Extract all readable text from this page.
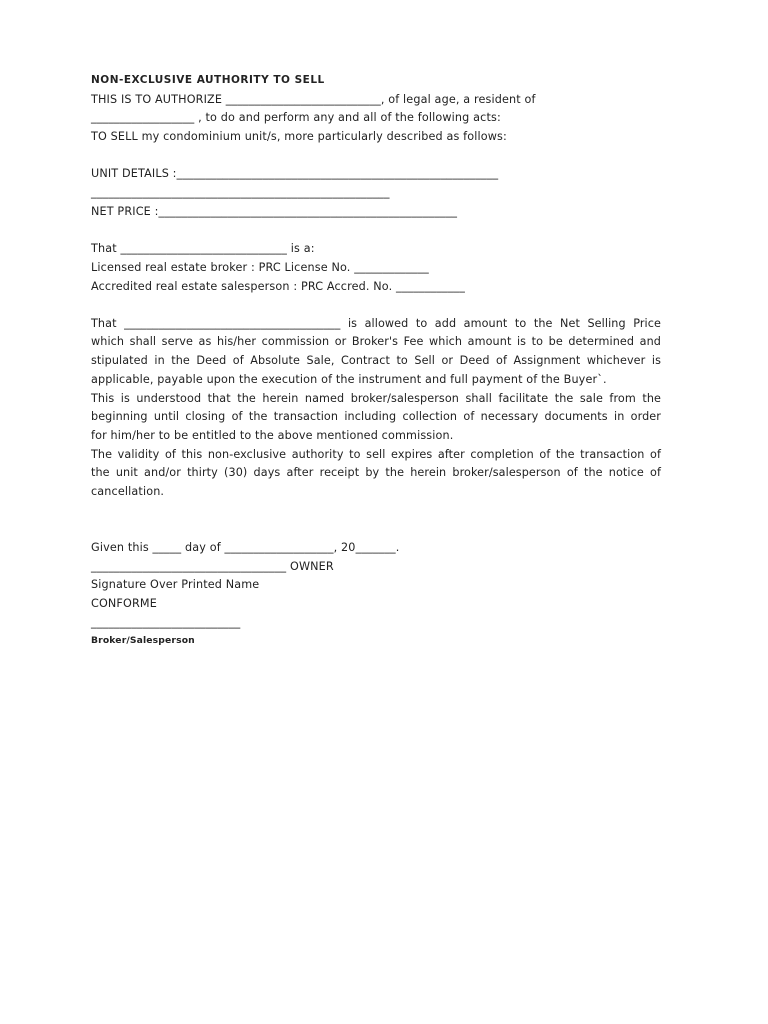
NON-EXCLUSIVE AUTHORITY TO SELL
THIS IS TO AUTHORIZE ___________________________, of legal age, a resident of
__________________ , to do and perform any and all of the following acts:
TO SELL my condominium unit/s, more particularly described as follows:
UNIT DETAILS :________________________________________________________
____________________________________________________
NET PRICE :____________________________________________________
That _____________________________ is a:
Licensed real estate broker : PRC License No. _____________
Accredited real estate salesperson : PRC Accred. No. ____________
That ______________________________________ is allowed to add amount to the Net Selling Price
which shall serve as his/her commission or Broker's Fee which amount is to be determined and
stipulated in the Deed of Absolute Sale, Contract to Sell or Deed of Assignment whichever is
applicable, payable upon the execution of the instrument and full payment of the Buyer`.
This is understood that the herein named broker/salesperson shall facilitate the sale from the
beginning until closing of the transaction including collection of necessary documents in order
for him/her to be entitled to the above mentioned commission.
The validity of this non-exclusive authority to sell expires after completion of the transaction of
the unit and/or thirty (30) days after receipt by the herein broker/salesperson of the notice of
cancellation.
Given this _____ day of ___________________, 20_______.
__________________________________ OWNER
Signature Over Printed Name
CONFORME
__________________________
Broker/Salesperson
